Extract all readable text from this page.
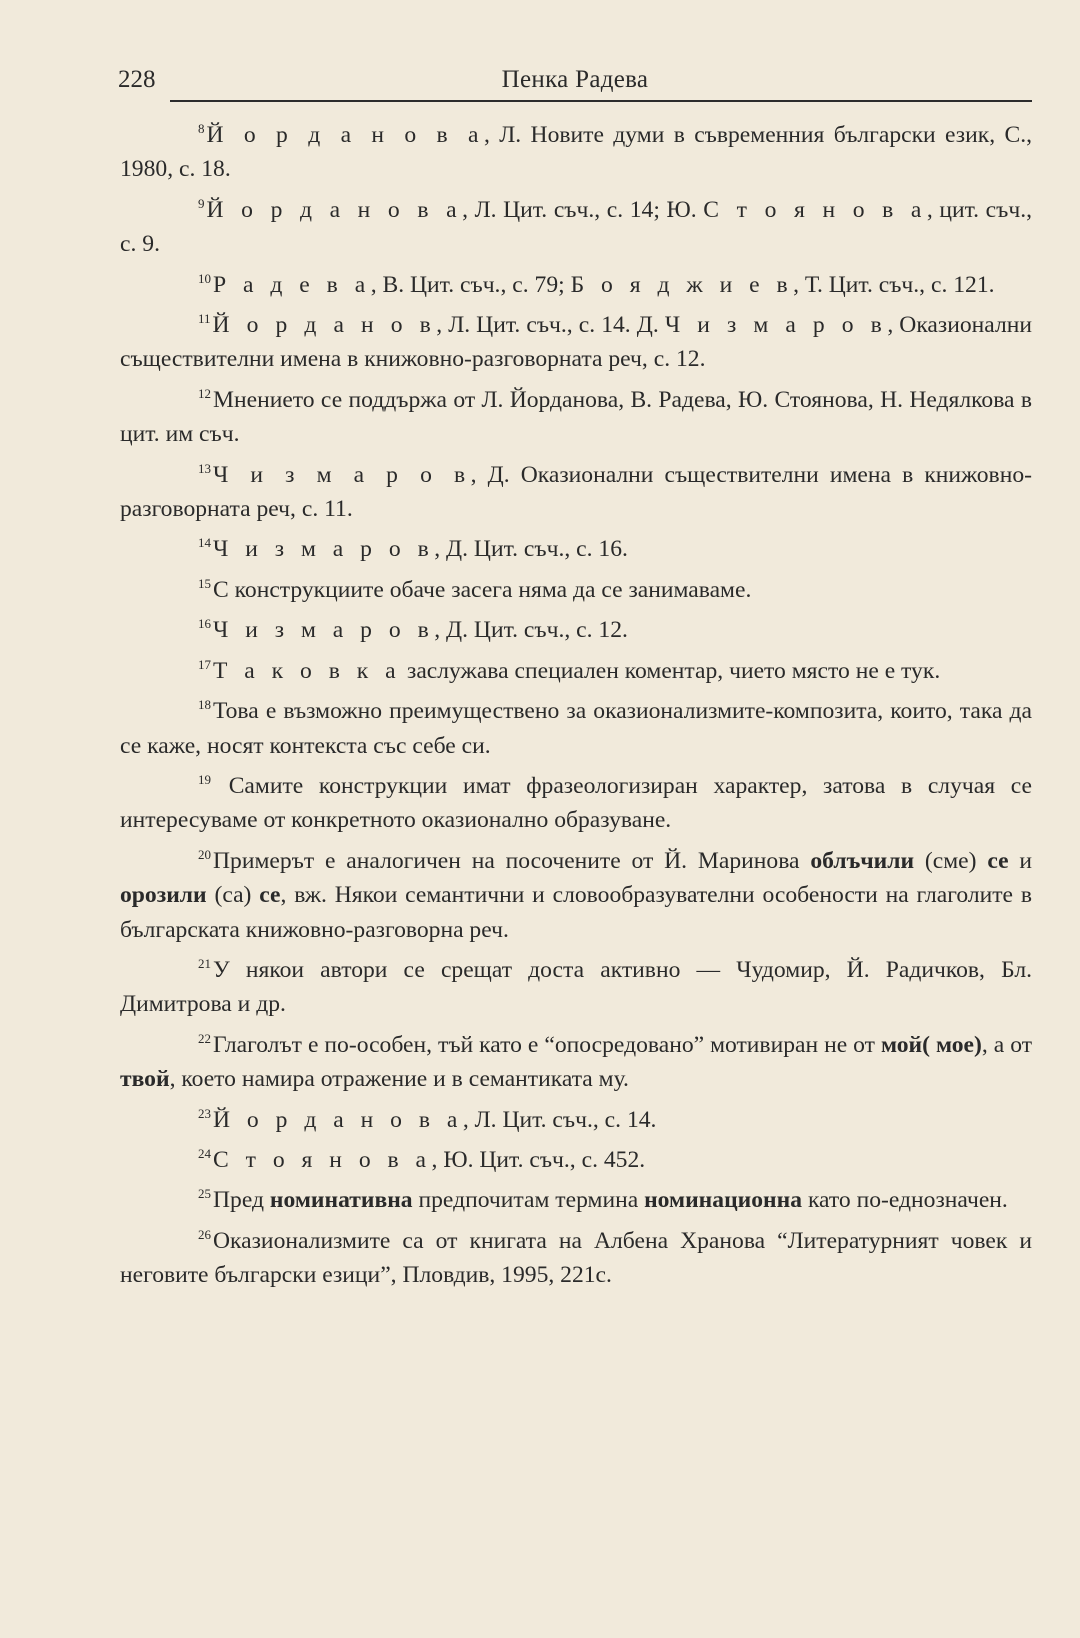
228	Пенка Радева

$^8$Й о р д а н о в а, Л. Новите думи в съвременния български език, С., 1980, с. 18.

$^9$Й о р д а н о в а, Л. Цит. съч., с. 14; Ю. С т о я н о в а, цит. съч., с. 9.

$^{10}$Р а д е в а, В. Цит. съч., с. 79; Б о я д ж и е в, Т. Цит. съч., с. 121.

$^{11}$Й о р д а н о в, Л. Цит. съч., с. 14. Д. Ч и з м а р о в, Оказионални съществителни имена в книжовно-разговорната реч, с. 12.

$^{12}$Мнението се поддържа от Л. Йорданова, В. Радева, Ю. Стоянова, Н. Недялкова в цит. им съч.

$^{13}$Ч и з м а р о в, Д. Оказионални съществителни имена в книжовно-разговорната реч, с. 11.

$^{14}$Ч и з м а р о в, Д. Цит. съч., с. 16.

$^{15}$С конструкциите обаче засега няма да се занимаваме.

$^{16}$Ч и з м а р о в, Д. Цит. съч., с. 12.

$^{17}$Т а к о в к а заслужава специален коментар, чието място не е тук.

$^{18}$Това е възможно преимуществено за оказионализмите-композита, които, така да се каже, носят контекста със себе си.

$^{19}$ Самите конструкции имат фразеологизиран характер, затова в случая се интересуваме от конкретното оказионално образуване.

$^{20}$Примерът е аналогичен на посочените от Й. Маринова облъчили (сме) се и орозили (са) се, вж. Някои семантични и словообразувателни особености на глаголите в българската книжовно-разговорна реч.

$^{21}$У някои автори се срещат доста активно — Чудомир, Й. Радичков, Бл. Димитрова и др.

$^{22}$Глаголът е по-особен, тъй като е “опосредовано” мотивиран не от мой( мое), а от твой, което намира отражение и в семантиката му.

$^{23}$Й о р д а н о в а, Л. Цит. съч., с. 14.

$^{24}$С т о я н о в а, Ю. Цит. съч., с. 452.

$^{25}$Пред номинативна предпочитам термина номинационна като по-еднозначен.

$^{26}$Оказионализмите са от книгата на Албена Хранова “Литературният човек и неговите български езици”, Пловдив, 1995, 221с.
